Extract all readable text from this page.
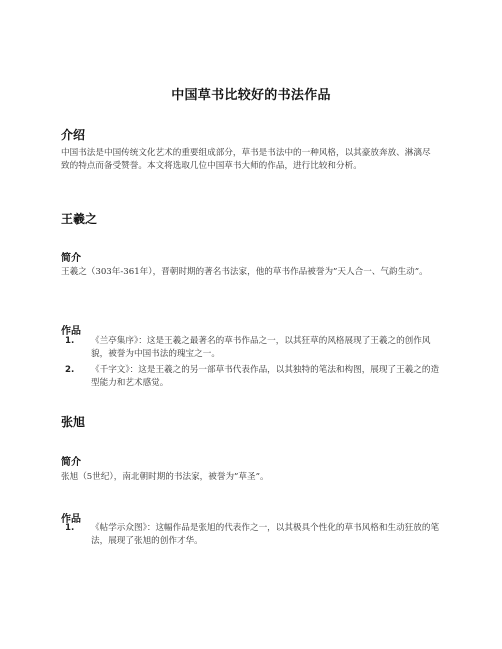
中国草书比较好的书法作品
介绍
中国书法是中国传统文化艺术的重要组成部分，草书是书法中的一种风格，以其豪放奔放、淋漓尽致的特点而备受赞誉。本文将选取几位中国草书大师的作品，进行比较和分析。
王羲之
简介
王羲之（303年-361年），晋朝时期的著名书法家，他的草书作品被誉为”天人合一、气韵生动”。
作品
1. 《兰亭集序》：这是王羲之最著名的草书作品之一，以其狂草的风格展现了王羲之的创作风貌，被誉为中国书法的瑰宝之一。
2. 《千字文》：这是王羲之的另一部草书代表作品，以其独特的笔法和构图，展现了王羲之的造型能力和艺术感觉。
张旭
简介
张旭（5世纪），南北朝时期的书法家，被誉为”草圣”。
作品
1. 《帖学示众图》：这幅作品是张旭的代表作之一，以其极具个性化的草书风格和生动狂放的笔法，展现了张旭的创作才华。
